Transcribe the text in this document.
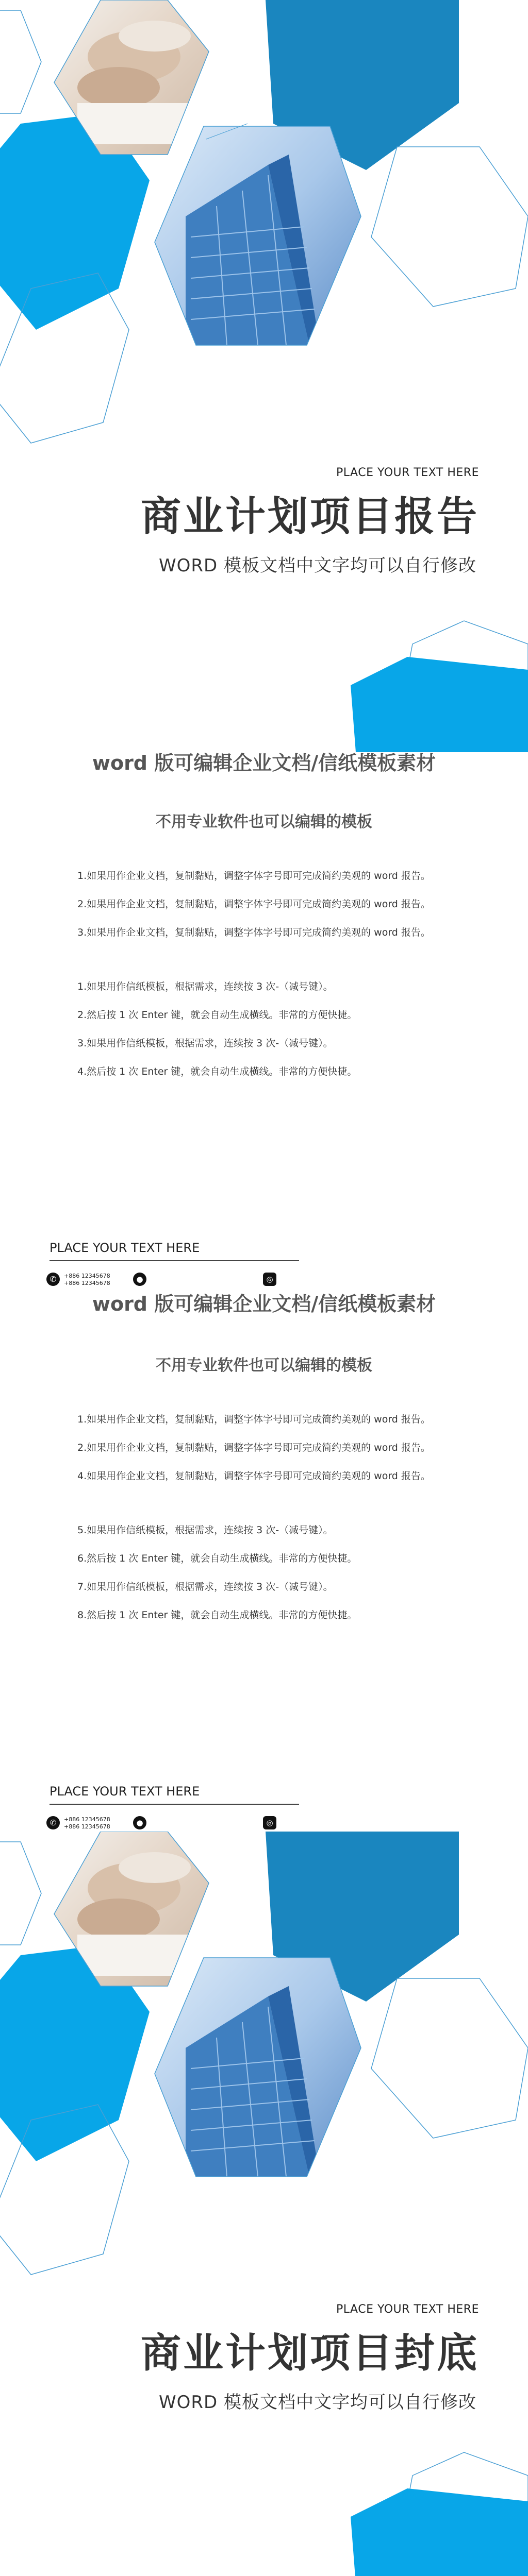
PLACE YOUR TEXT HERE
商业计划项目报告
WORD 模板文档中文字均可以自行修改
word 版可编辑企业文档/信纸模板素材
不用专业软件也可以编辑的模板
1.如果用作企业文档，复制黏贴，调整字体字号即可完成简约美观的 word 报告。
2.如果用作企业文档，复制黏贴，调整字体字号即可完成简约美观的 word 报告。
3.如果用作企业文档，复制黏贴，调整字体字号即可完成简约美观的 word 报告。
1.如果用作信纸模板，根据需求，连续按 3 次-（减号键）。
2.然后按 1 次 Enter 键，就会自动生成横线。非常的方便快捷。
3.如果用作信纸模板，根据需求，连续按 3 次-（减号键）。
4.然后按 1 次 Enter 键，就会自动生成横线。非常的方便快捷。
PLACE YOUR TEXT HERE
✆	+886 12345678
+886 12345678	●	◎
word 版可编辑企业文档/信纸模板素材
不用专业软件也可以编辑的模板
1.如果用作企业文档，复制黏贴，调整字体字号即可完成简约美观的 word 报告。
2.如果用作企业文档，复制黏贴，调整字体字号即可完成简约美观的 word 报告。
4.如果用作企业文档，复制黏贴，调整字体字号即可完成简约美观的 word 报告。
5.如果用作信纸模板，根据需求，连续按 3 次-（减号键）。
6.然后按 1 次 Enter 键，就会自动生成横线。非常的方便快捷。
7.如果用作信纸模板，根据需求，连续按 3 次-（减号键）。
8.然后按 1 次 Enter 键，就会自动生成横线。非常的方便快捷。
PLACE YOUR TEXT HERE
✆	+886 12345678
+886 12345678	●	◎
PLACE YOUR TEXT HERE
商业计划项目封底
WORD 模板文档中文字均可以自行修改
